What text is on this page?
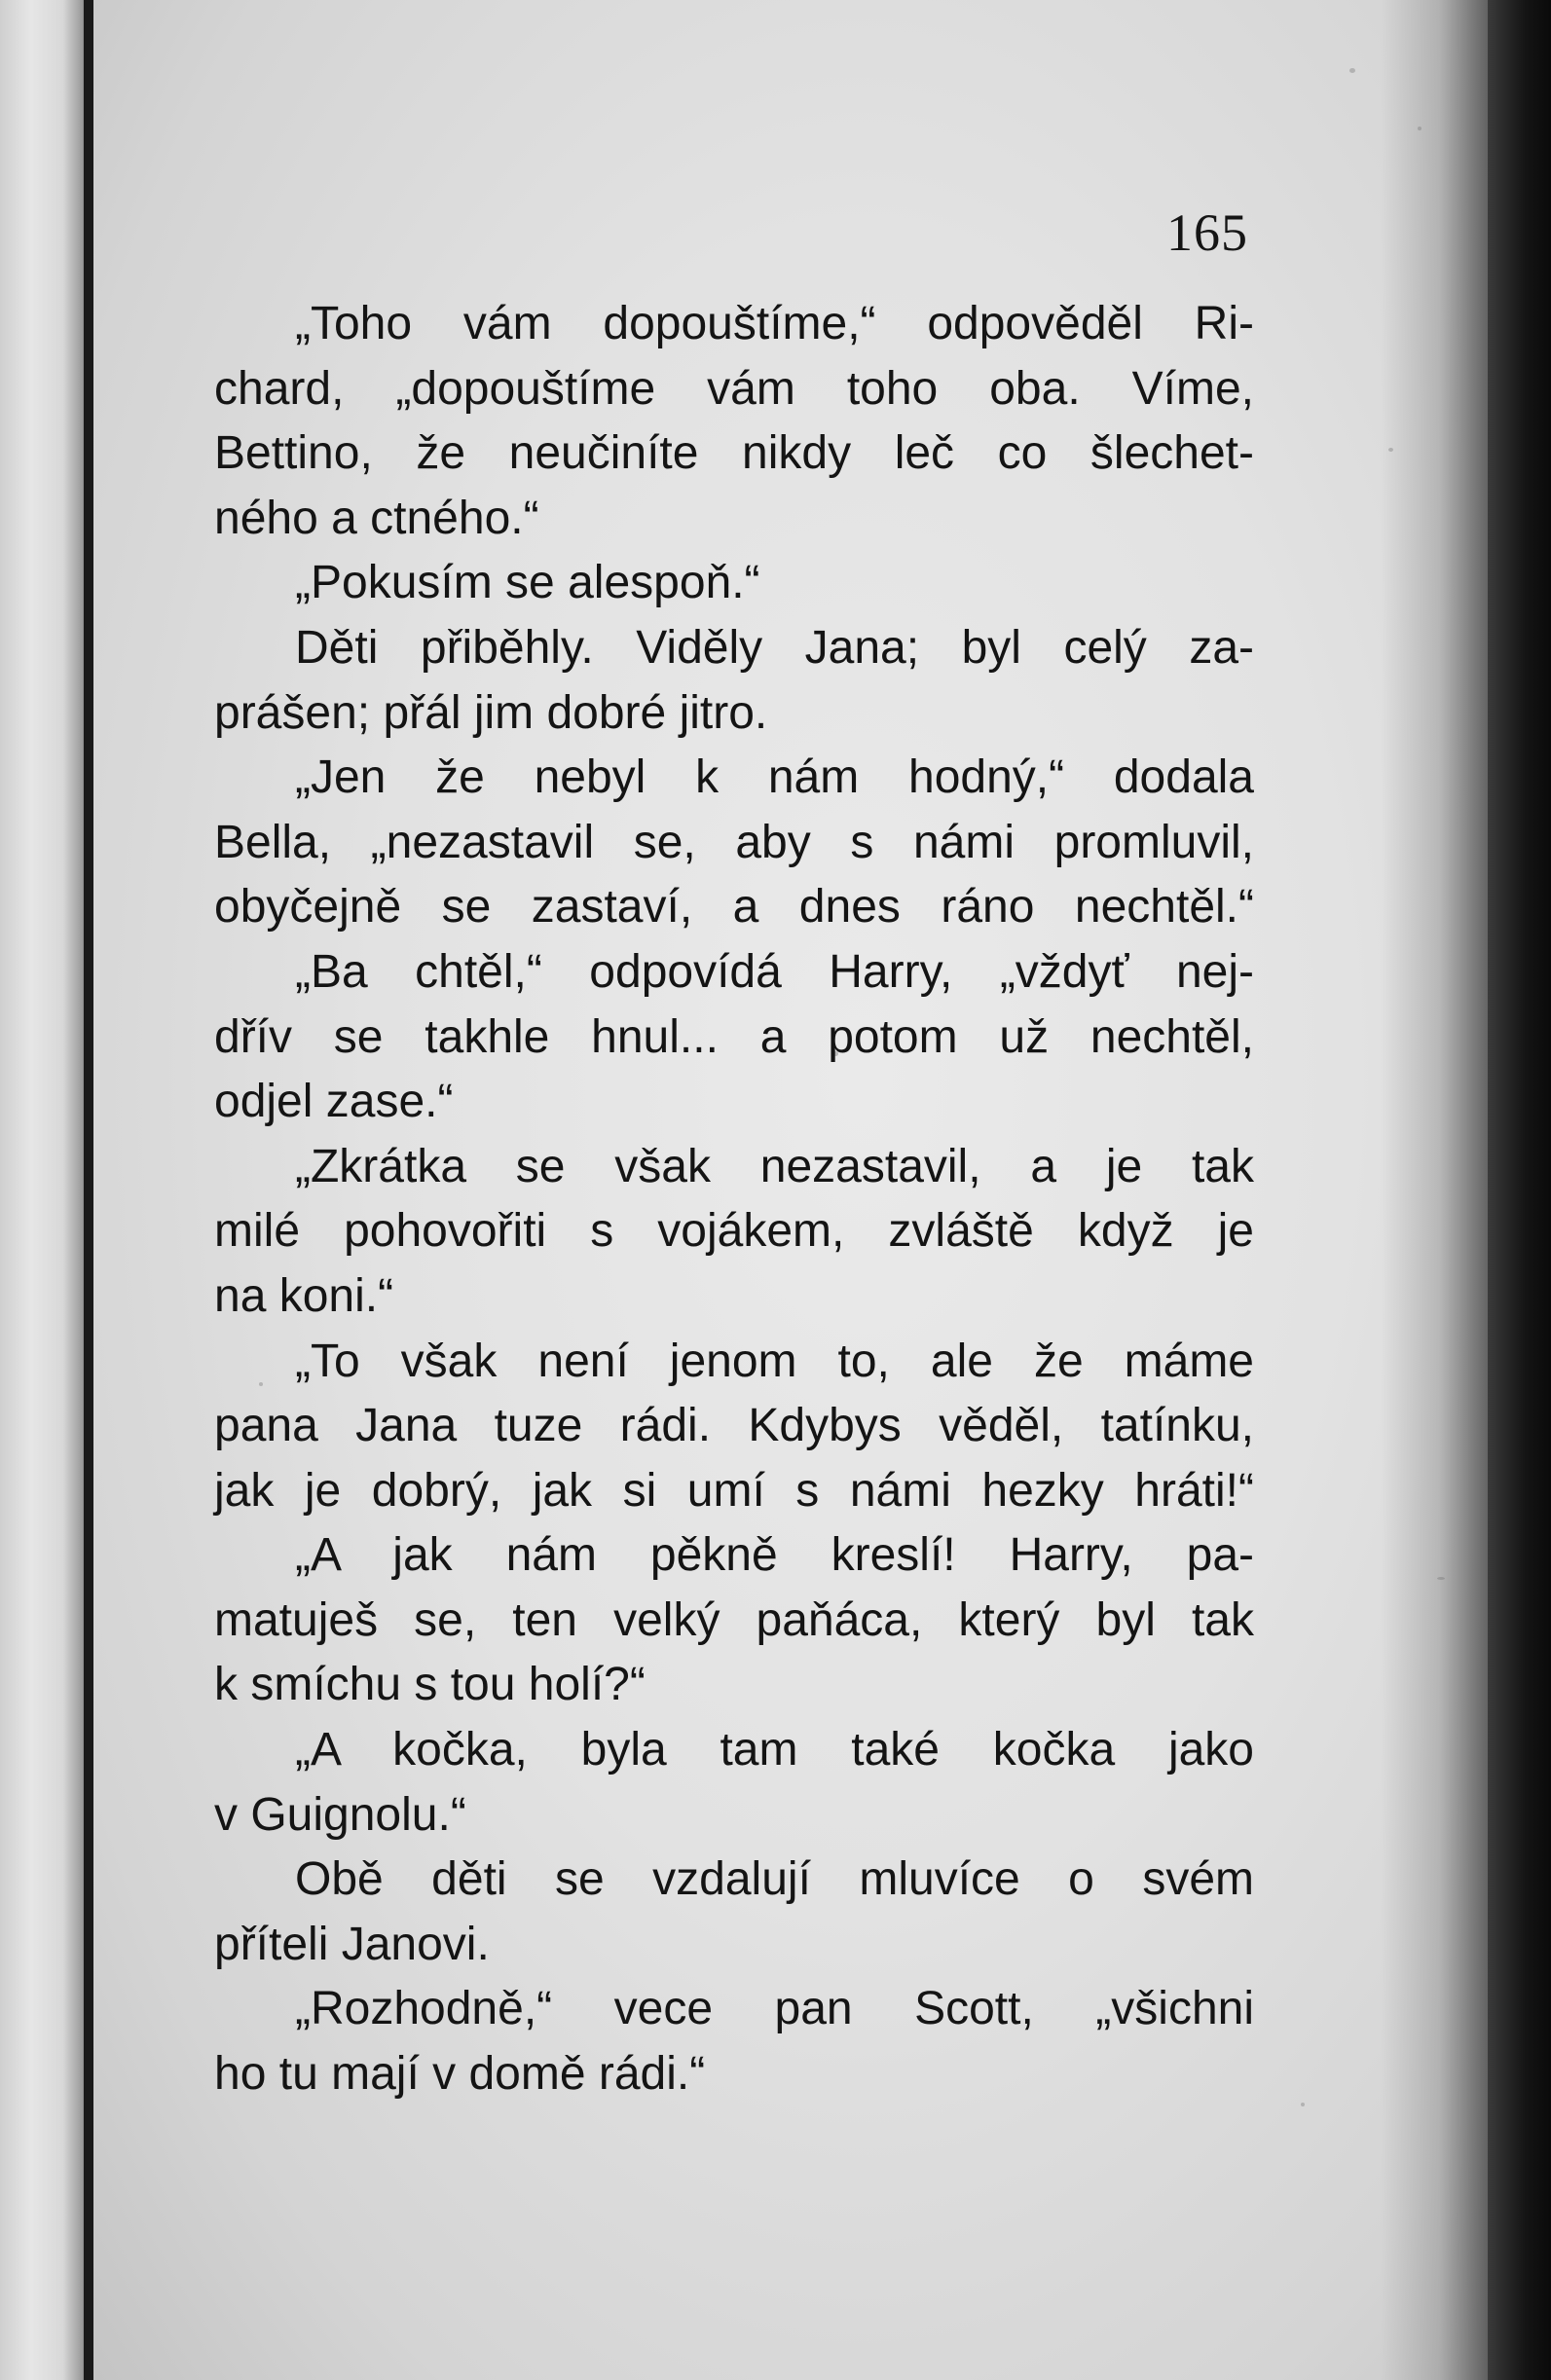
165
„Toho vám dopouštíme,“ odpověděl Ri-
chard, „dopouštíme vám toho oba. Víme,
Bettino, že neučiníte nikdy leč co šlechet-
ného a ctného.“
„Pokusím se alespoň.“
Děti přiběhly. Viděly Jana; byl celý za-
prášen; přál jim dobré jitro.
„Jen že nebyl k nám hodný,“ dodala
Bella, „nezastavil se, aby s námi promluvil,
obyčejně se zastaví, a dnes ráno nechtěl.“
„Ba chtěl,“ odpovídá Harry, „vždyť nej-
dřív se takhle hnul... a potom už nechtěl,
odjel zase.“
„Zkrátka se však nezastavil, a je tak
milé pohovořiti s vojákem, zvláště když je
na koni.“
„To však není jenom to, ale že máme
pana Jana tuze rádi. Kdybys věděl, tatínku,
jak je dobrý, jak si umí s námi hezky hráti!“
„A jak nám pěkně kreslí! Harry, pa-
matuješ se, ten velký paňáca, který byl tak
k smíchu s tou holí?“
„A kočka, byla tam také kočka jako
v Guignolu.“
Obě děti se vzdalují mluvíce o svém
příteli Janovi.
„Rozhodně,“ vece pan Scott, „všichni
ho tu mají v domě rádi.“
